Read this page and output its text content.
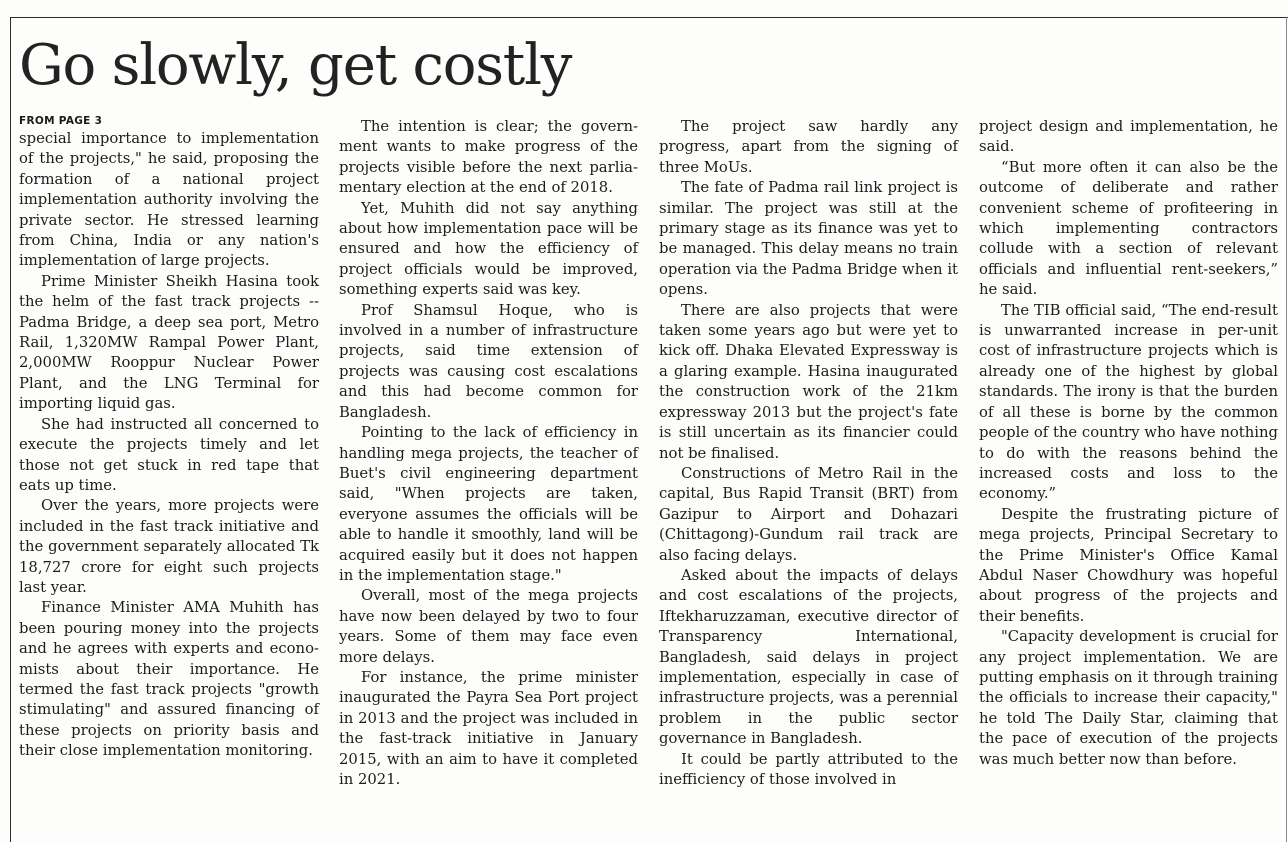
Go slowly, get costly
FROM PAGE 3

special importance to implementation of the projects," he said, proposing the formation of a national project implementation authority involving the private sector. He stressed learning from China, India or any nation's implementation of large projects.

Prime Minister Sheikh Hasina took the helm of the fast track projects -- Padma Bridge, a deep sea port, Metro Rail, 1,320MW Rampal Power Plant, 2,000MW Rooppur Nuclear Power Plant, and the LNG Terminal for importing liquid gas.

She had instructed all concerned to execute the projects timely and let those not get stuck in red tape that eats up time.

Over the years, more projects were included in the fast track initiative and the government separately allocated Tk 18,727 crore for eight such projects last year.

Finance Minister AMA Muhith has been pouring money into the projects and he agrees with experts and economists about their importance. He termed the fast track projects "growth stimulating" and assured financing of these projects on priority basis and their close implementation monitoring.

The intention is clear; the government wants to make progress of the projects visible before the next parliamentary election at the end of 2018.

Yet, Muhith did not say anything about how implementation pace will be ensured and how the efficiency of project officials would be improved, something experts said was key.

Prof Shamsul Hoque, who is involved in a number of infrastructure projects, said time extension of projects was causing cost escalations and this had become common for Bangladesh.

Pointing to the lack of efficiency in handling mega projects, the teacher of Buet's civil engineering department said, "When projects are taken, everyone assumes the officials will be able to handle it smoothly, land will be acquired easily but it does not happen in the implementation stage."

Overall, most of the mega projects have now been delayed by two to four years. Some of them may face even more delays.

For instance, the prime minister inaugurated the Payra Sea Port project in 2013 and the project was included in the fast-track initiative in January 2015, with an aim to have it completed in 2021.

The project saw hardly any progress, apart from the signing of three MoUs.

The fate of Padma rail link project is similar. The project was still at the primary stage as its finance was yet to be managed. This delay means no train operation via the Padma Bridge when it opens.

There are also projects that were taken some years ago but were yet to kick off. Dhaka Elevated Expressway is a glaring example. Hasina inaugurated the construction work of the 21km expressway 2013 but the project's fate is still uncertain as its financier could not be finalised.

Constructions of Metro Rail in the capital, Bus Rapid Transit (BRT) from Gazipur to Airport and Dohazari (Chittagong)-Gundum rail track are also facing delays.

Asked about the impacts of delays and cost escalations of the projects, Iftekharuzzaman, executive director of Transparency International, Bangladesh, said delays in project implementation, especially in case of infrastructure projects, was a perennial problem in the public sector governance in Bangladesh.

It could be partly attributed to the inefficiency of those involved in

project design and implementation, he said.

“But more often it can also be the outcome of deliberate and rather convenient scheme of profiteering in which implementing contractors collude with a section of relevant officials and influential rent-seekers,” he said.

The TIB official said, “The end-result is unwarranted increase in per-unit cost of infrastructure projects which is already one of the highest by global standards. The irony is that the burden of all these is borne by the common people of the country who have nothing to do with the reasons behind the increased costs and loss to the economy.”

Despite the frustrating picture of mega projects, Principal Secretary to the Prime Minister's Office Kamal Abdul Naser Chowdhury was hopeful about progress of the projects and their benefits.

"Capacity development is crucial for any project implementation. We are putting emphasis on it through training the officials to increase their capacity," he told The Daily Star, claiming that the pace of execution of the projects was much better now than before.
